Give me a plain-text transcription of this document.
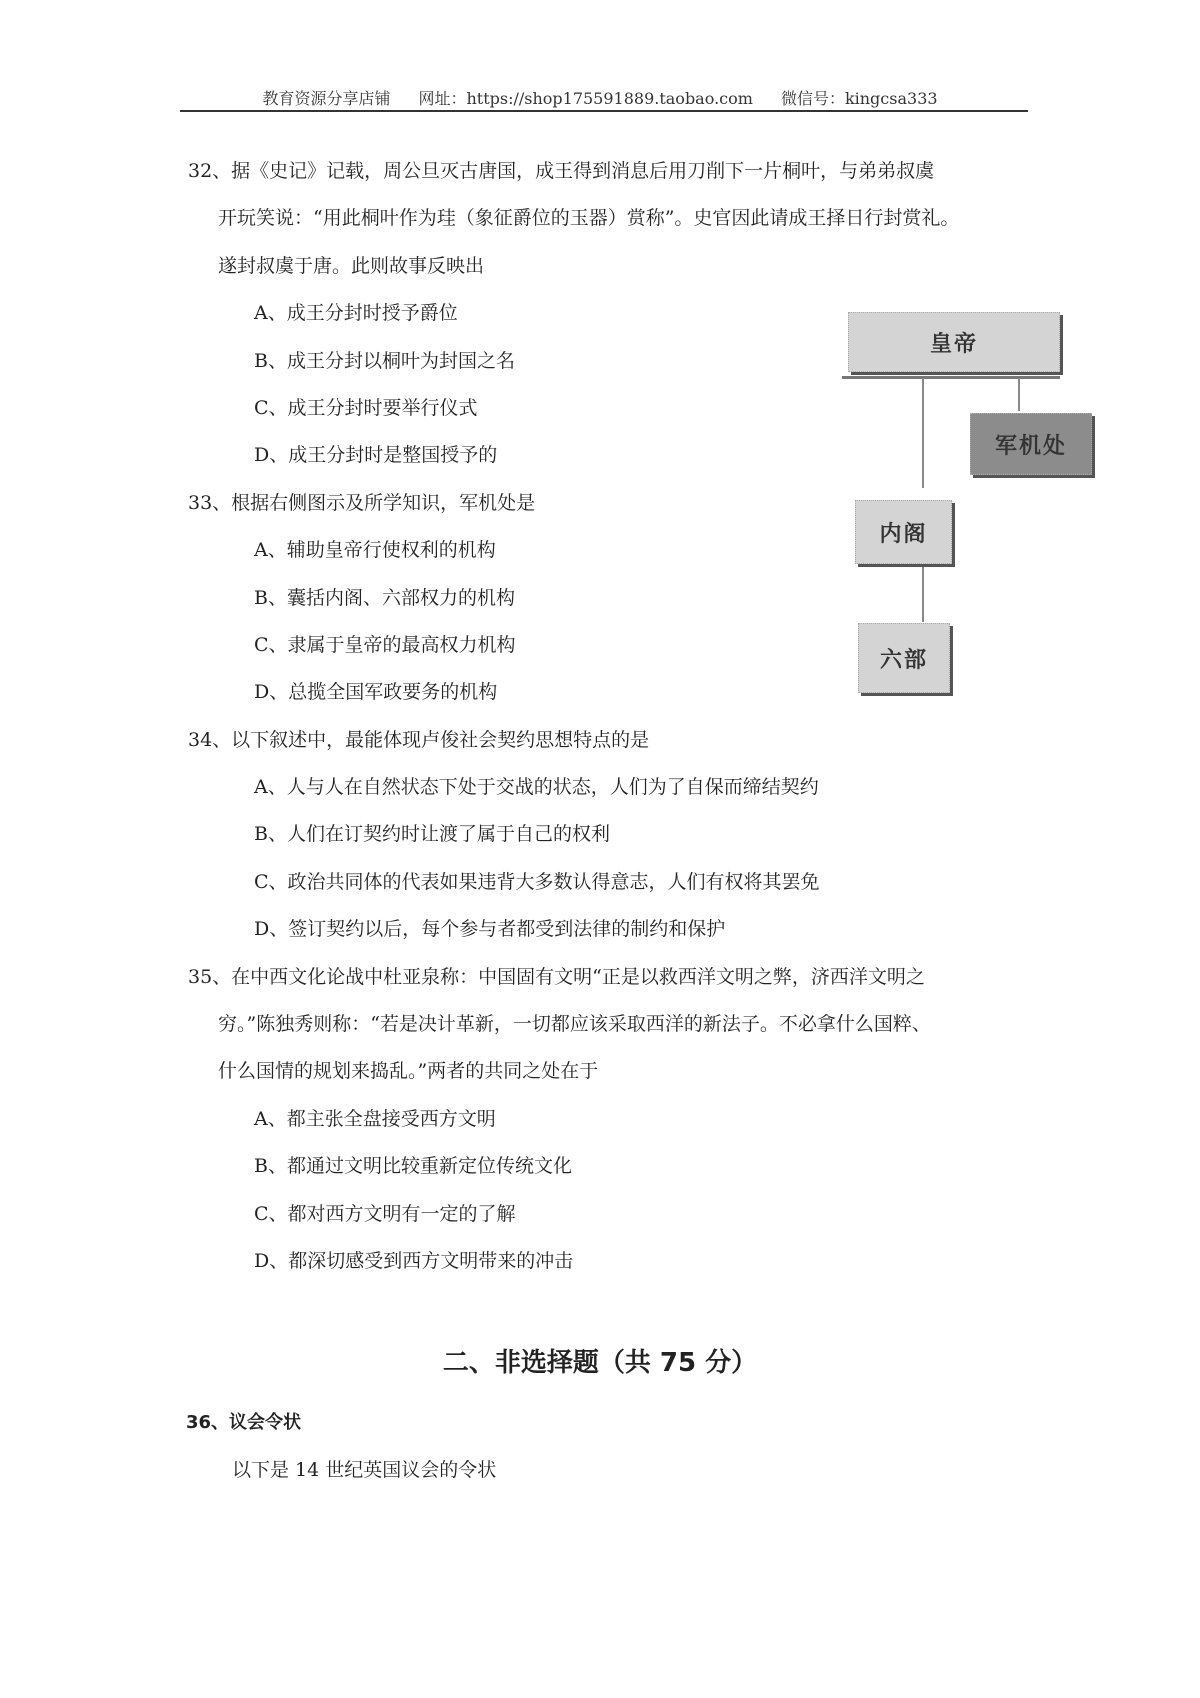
教育资源分享店铺 网址：https://shop175591889.taobao.com 微信号：kingcsa333
32、据《史记》记载，周公旦灭古唐国，成王得到消息后用刀削下一片桐叶，与弟弟叔虞
开玩笑说：“用此桐叶作为珪（象征爵位的玉器）赏称”。史官因此请成王择日行封赏礼。
遂封叔虞于唐。此则故事反映出
A、成王分封时授予爵位
B、成王分封以桐叶为封国之名
C、成王分封时要举行仪式
D、成王分封时是整国授予的
33、根据右侧图示及所学知识，军机处是
A、辅助皇帝行使权利的机构
B、囊括内阁、六部权力的机构
C、隶属于皇帝的最高权力机构
D、总揽全国军政要务的机构
34、以下叙述中，最能体现卢俊社会契约思想特点的是
A、人与人在自然状态下处于交战的状态，人们为了自保而缔结契约
B、人们在订契约时让渡了属于自己的权利
C、政治共同体的代表如果违背大多数认得意志，人们有权将其罢免
D、签订契约以后，每个参与者都受到法律的制约和保护
35、在中西文化论战中杜亚泉称：中国固有文明“正是以救西洋文明之弊，济西洋文明之
穷。”陈独秀则称：“若是决计革新，一切都应该采取西洋的新法子。不必拿什么国粹、
什么国情的规划来捣乱。”两者的共同之处在于
A、都主张全盘接受西方文明
B、都通过文明比较重新定位传统文化
C、都对西方文明有一定的了解
D、都深切感受到西方文明带来的冲击
皇帝
军机处
内阁
六部
二、非选择题（共 75 分）
36、议会令状
以下是 14 世纪英国议会的令状
